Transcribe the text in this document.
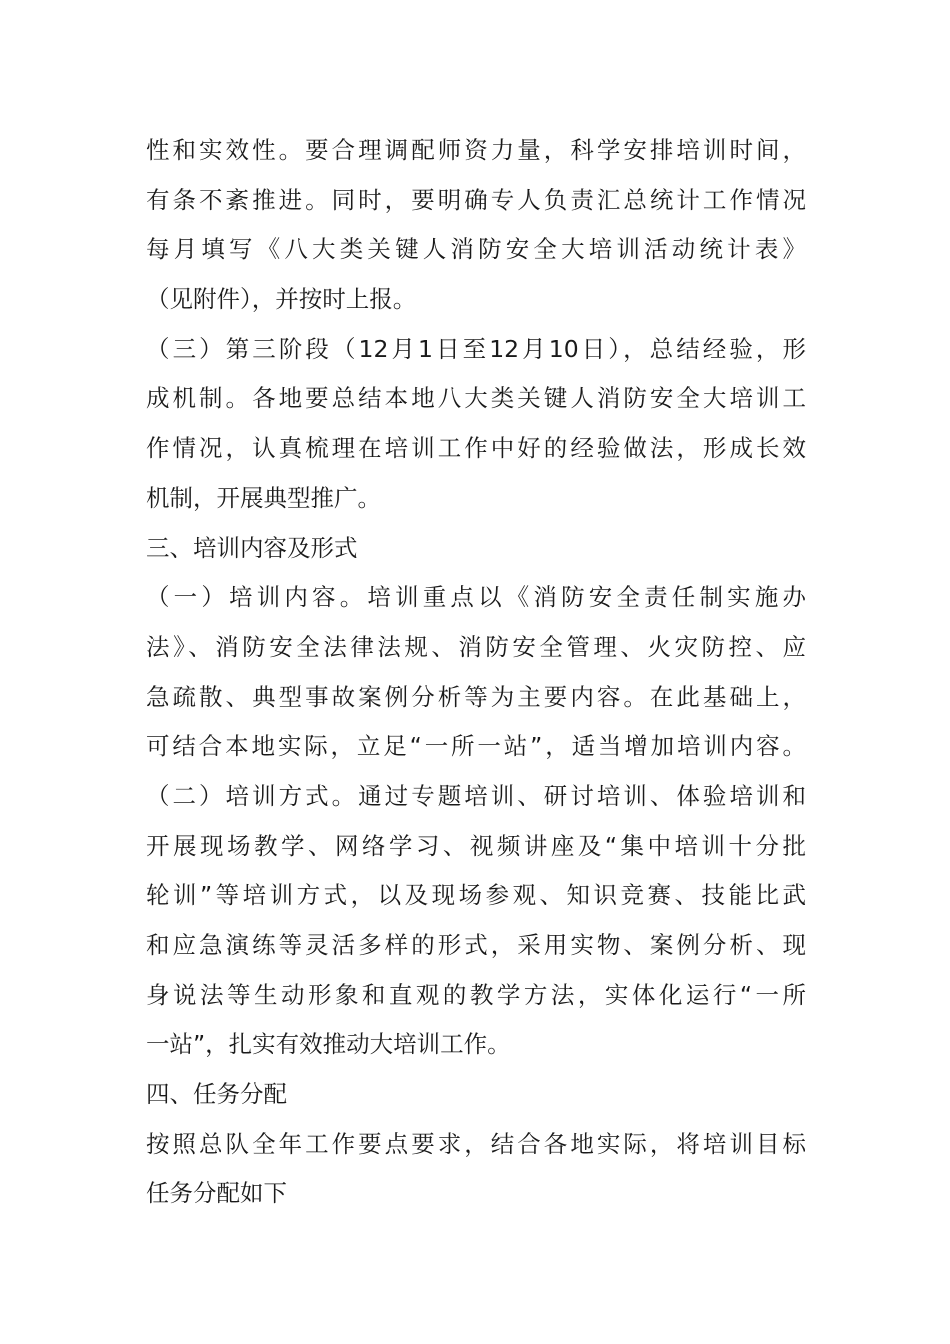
性和实效性。要合理调配师资力量，科学安排培训时间，
有条不紊推进。同时，要明确专人负责汇总统计工作情况
每月填写《八大类关键人消防安全大培训活动统计表》
（见附件），并按时上报。
（三）第三阶段（12月1日至12月10日），总结经验，形
成机制。各地要总结本地八大类关键人消防安全大培训工
作情况，认真梳理在培训工作中好的经验做法，形成长效
机制，开展典型推广。
三、培训内容及形式
（一）培训内容。培训重点以《消防安全责任制实施办
法》、消防安全法律法规、消防安全管理、火灾防控、应
急疏散、典型事故案例分析等为主要内容。在此基础上，
可结合本地实际，立足“一所一站”，适当增加培训内容。
（二）培训方式。通过专题培训、研讨培训、体验培训和
开展现场教学、网络学习、视频讲座及“集中培训十分批
轮训”等培训方式，以及现场参观、知识竞赛、技能比武
和应急演练等灵活多样的形式，采用实物、案例分析、现
身说法等生动形象和直观的教学方法，实体化运行“一所
一站”，扎实有效推动大培训工作。
四、任务分配
按照总队全年工作要点要求，结合各地实际，将培训目标
任务分配如下
